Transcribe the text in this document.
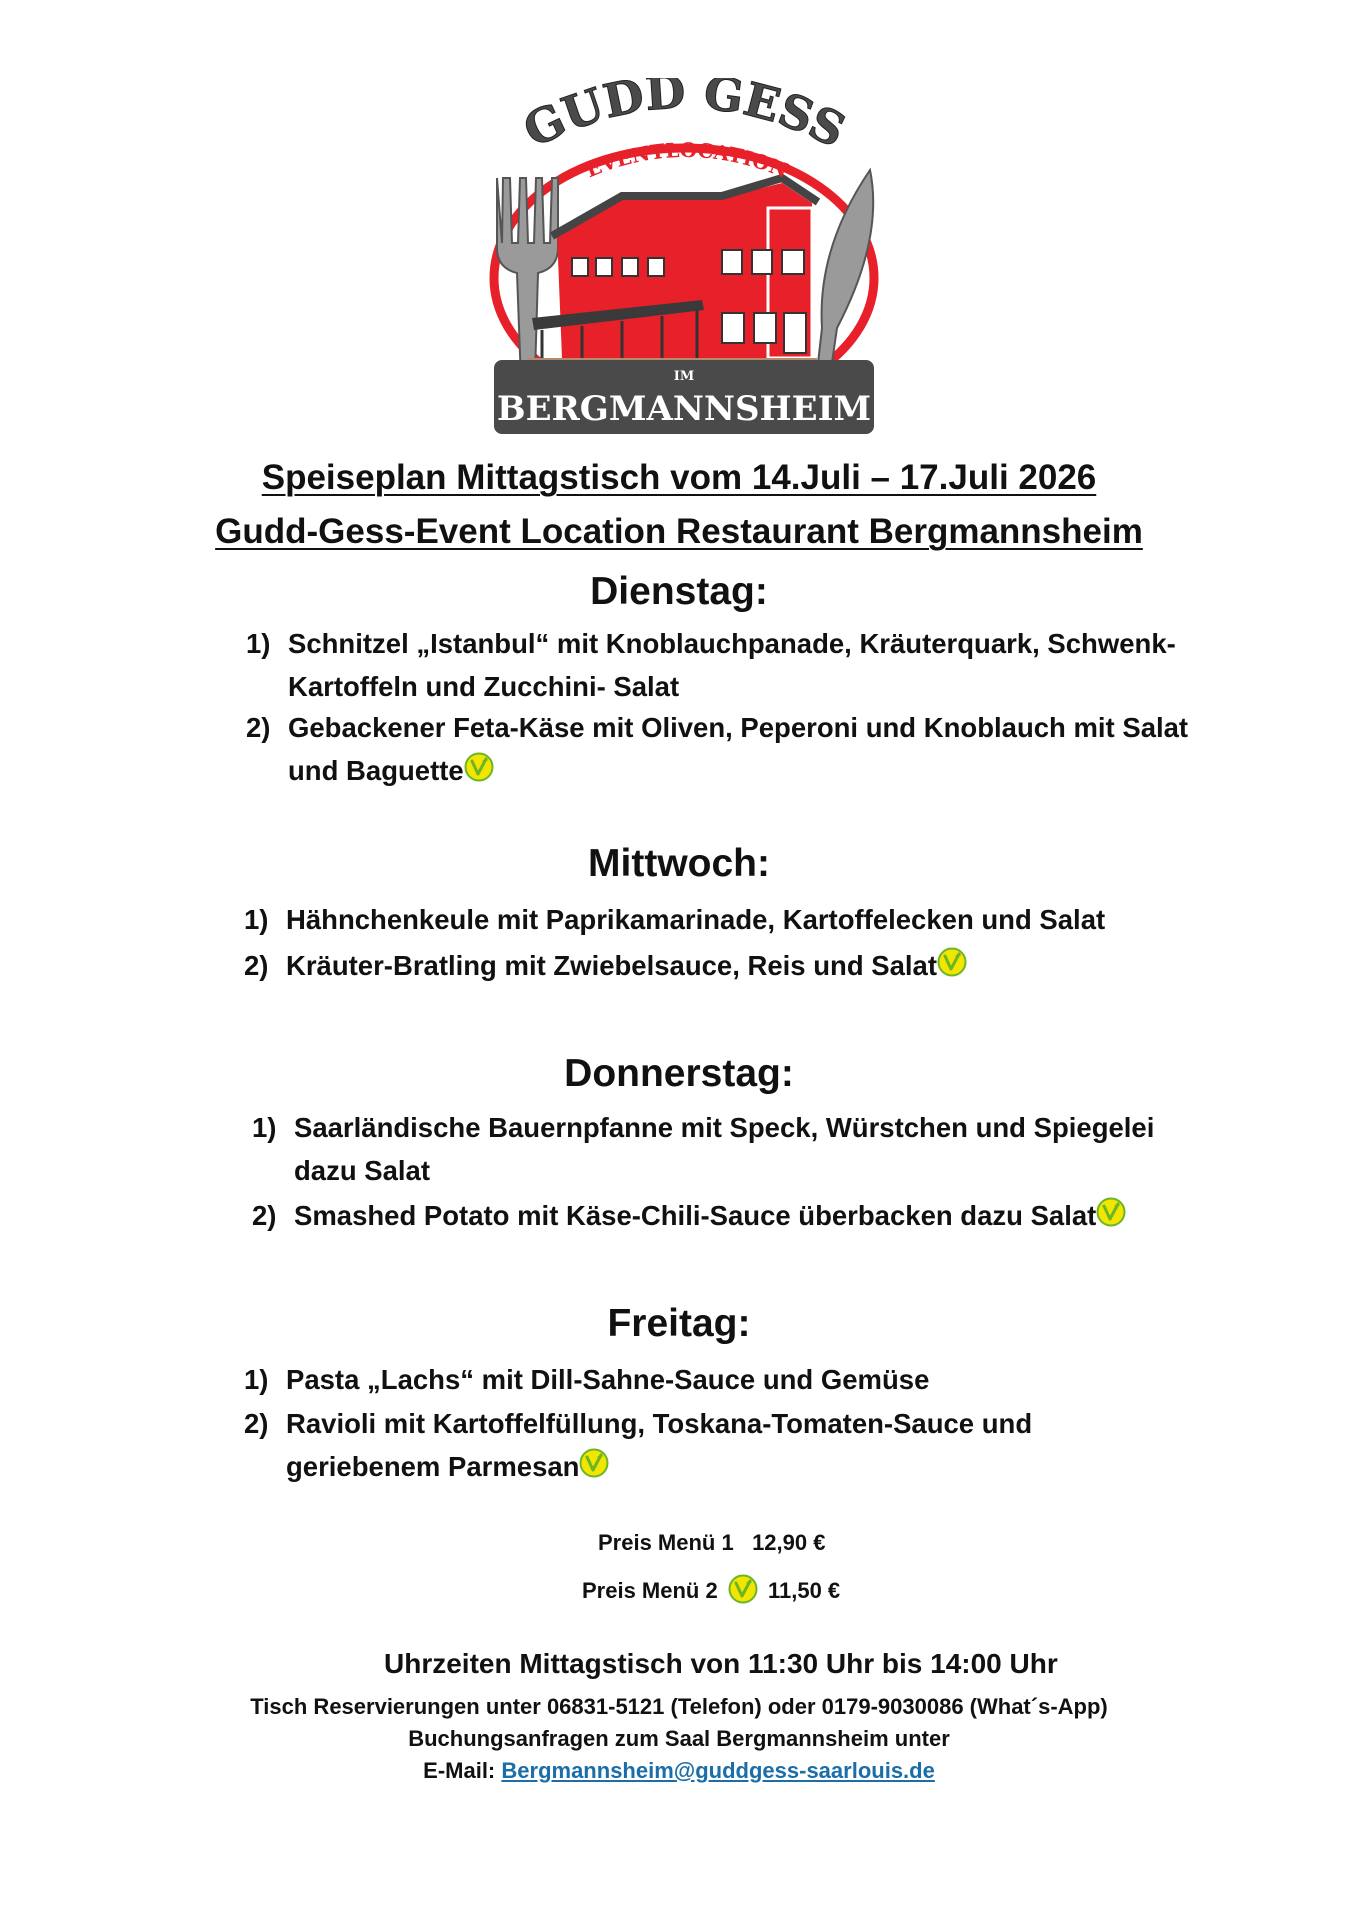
GUDD GESS
EVENTLOCATION
IM
BERGMANNSHEIM
Speiseplan Mittagstisch vom 14.Juli – 17.Juli 2026
Gudd-Gess-Event Location Restaurant Bergmannsheim
Dienstag:
1) Schnitzel „Istanbul“ mit Knoblauchpanade, Kräuterquark, Schwenk-
Kartoffeln und Zucchini- Salat
2) Gebackener Feta-Käse mit Oliven, Peperoni und Knoblauch mit Salat
und Baguette
Mittwoch:
1) Hähnchenkeule mit Paprikamarinade, Kartoffelecken und Salat
2) Kräuter-Bratling mit Zwiebelsauce, Reis und Salat
Donnerstag:
1) Saarländische Bauernpfanne mit Speck, Würstchen und Spiegelei
dazu Salat
2) Smashed Potato mit Käse-Chili-Sauce überbacken dazu Salat
Freitag:
1) Pasta „Lachs“ mit Dill-Sahne-Sauce und Gemüse
2) Ravioli mit Kartoffelfüllung, Toskana-Tomaten-Sauce und
geriebenem Parmesan
Preis Menü 1 12,90 €
Preis Menü 2 11,50 €
Uhrzeiten Mittagstisch von 11:30 Uhr bis 14:00 Uhr
Tisch Reservierungen unter 06831-5121 (Telefon) oder 0179-9030086 (What´s-App)
Buchungsanfragen zum Saal Bergmannsheim unter
E-Mail: Bergmannsheim@guddgess-saarlouis.de
